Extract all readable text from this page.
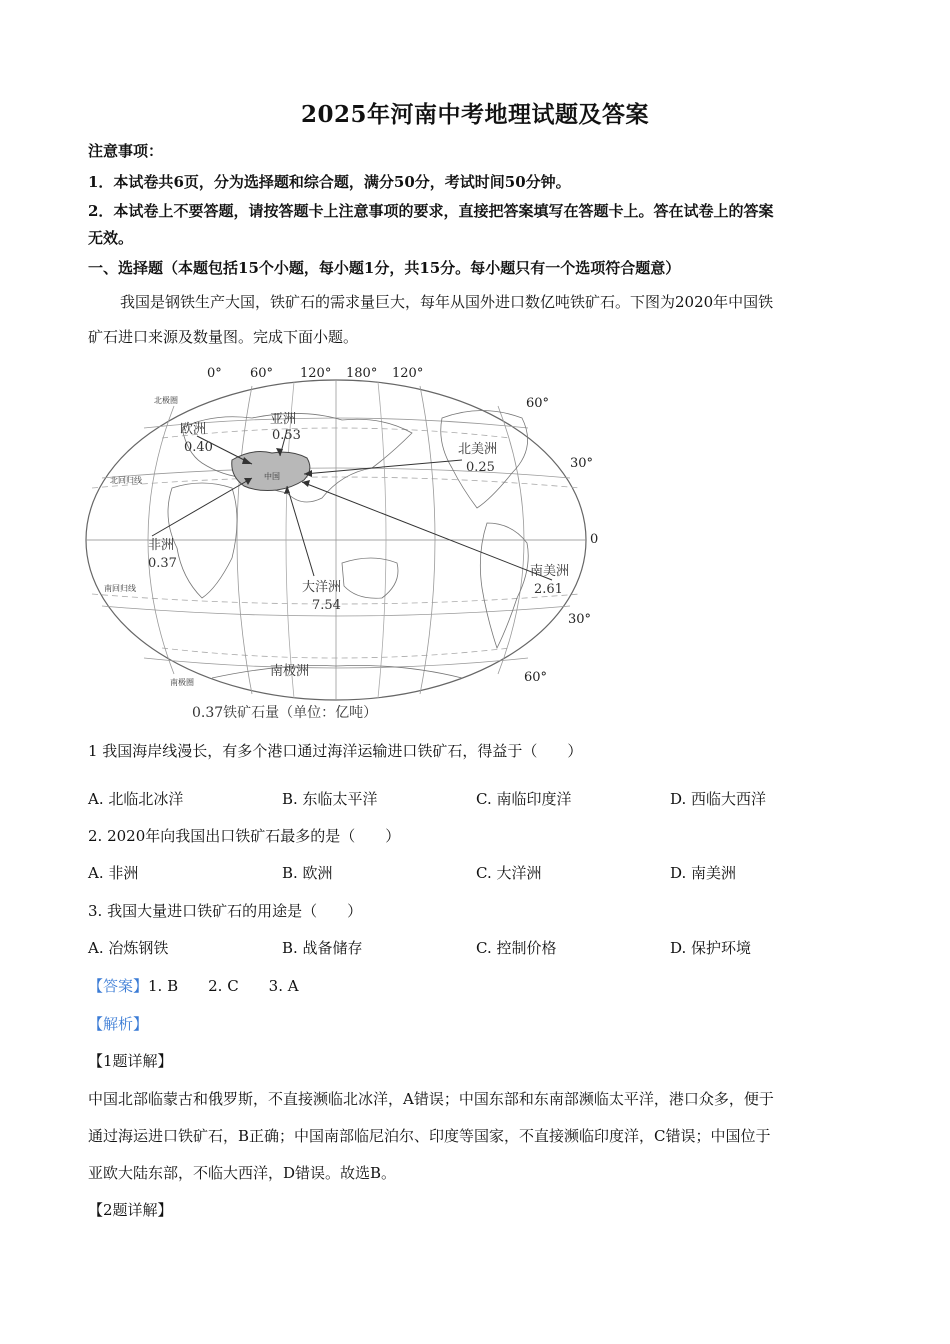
2025年河南中考地理试题及答案
注意事项：
1．本试卷共6页，分为选择题和综合题，满分50分，考试时间50分钟。
2．本试卷上不要答题，请按答题卡上注意事项的要求，直接把答案填写在答题卡上。答在试卷上的答案
无效。
一、选择题（本题包括15个小题，每小题1分，共15分。每小题只有一个选项符合题意）
我国是钢铁生产大国，铁矿石的需求量巨大，每年从国外进口数亿吨铁矿石。下图为2020年中国铁
矿石进口来源及数量图。完成下面小题。
0° 60° 120° 180° 120°
60°
30°
0
30°
60°
北极圈
北回归线
南回归线
南极圈
欧洲
0.40
亚洲
0.53
北美洲
0.25
非洲
0.37
大洋洲
7.54
南美洲
2.61
中国
南极洲
0.37铁矿石量（单位：亿吨）
1 我国海岸线漫长，有多个港口通过海洋运输进口铁矿石，得益于（　　）
A. 北临北冰洋	B. 东临太平洋	C. 南临印度洋	D. 西临大西洋
2. 2020年向我国出口铁矿石最多的是（　　）
A. 非洲	B. 欧洲	C. 大洋洲	D. 南美洲
3. 我国大量进口铁矿石的用途是（　　）
A. 冶炼钢铁	B. 战备储存	C. 控制价格	D. 保护环境
【答案】1. B　　2. C　　3. A
【解析】
【1题详解】
中国北部临蒙古和俄罗斯，不直接濒临北冰洋，A错误；中国东部和东南部濒临太平洋，港口众多，便于
通过海运进口铁矿石，B正确；中国南部临尼泊尔、印度等国家，不直接濒临印度洋，C错误；中国位于
亚欧大陆东部，不临大西洋，D错误。故选B。
【2题详解】
